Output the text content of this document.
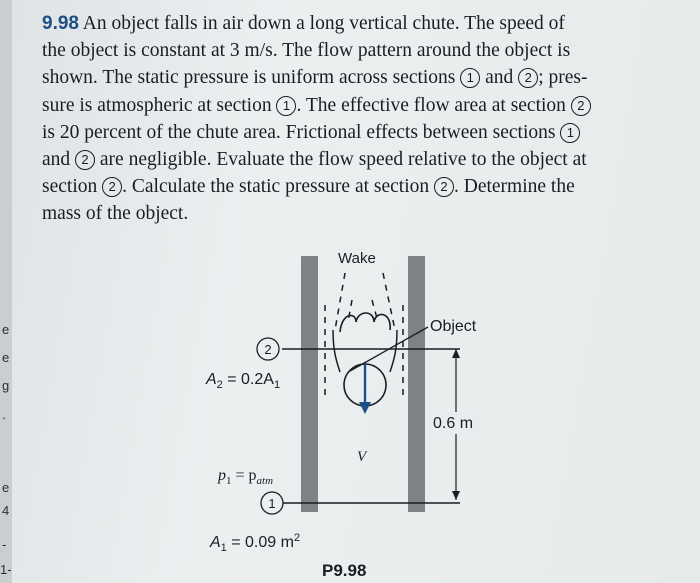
e
e
g
·
e
4
-
1-

9.98 An object falls in air down a long vertical chute. The speed of
the object is constant at 3 m/s. The flow pattern around the object is
shown. The static pressure is uniform across sections 1 and 2 ; pres-
sure is atmospheric at section 1 . The effective flow area at section 2
is 20 percent of the chute area. Frictional effects between sections 1
and 2 are negligible. Evaluate the flow speed relative to the object at
section 2 . Calculate the static pressure at section 2 . Determine the
mass of the object.

V
Object
Wake
2
$A_2 = 0.2A_1$
0.6 m
$p_1 = p_{atm}$
1
$A_1 = 0.09$ $m^2$
P9.98
